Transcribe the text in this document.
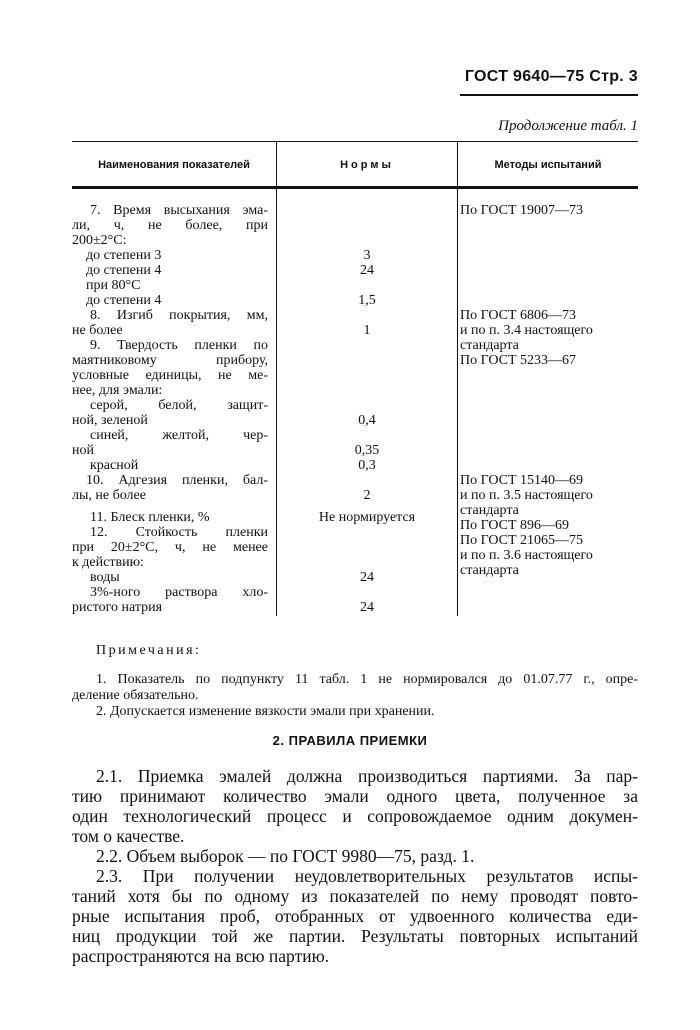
ГОСТ 9640—75 Стр. 3
Продолжение табл. 1
Наименования показателей	Нормы	Методы испытаний
7. Время высыхания эма-
ли, ч, не более, при
200±2°С:
до степени 3
до степени 4
при 80°С
до степени 4
8. Изгиб покрытия, мм,
не более
9. Твердость пленки по
маятниковому прибору,
условные единицы, не ме-
нее, для эмали:
серой, белой, защит-
ной, зеленой
синей, желтой, чер-
ной
красной
10. Адгезия пленки, бал-
лы, не более
11. Блеск пленки, %
12. Стойкость пленки
при 20±2°С, ч, не менее
к действию:
воды
3%-ного раствора хло-
ристого натрия
3
24
1,5
1
0,4
0,35
0,3
2
Не нормируется
24
24
По ГОСТ 19007—73
По ГОСТ 6806—73
и по п. 3.4 настоящего
стандарта
По ГОСТ 5233—67
По ГОСТ 15140—69
и по п. 3.5 настоящего
стандарта
По ГОСТ 896—69
По ГОСТ 21065—75
и по п. 3.6 настоящего
стандарта
Примечания:
1. Показатель по подпункту 11 табл. 1 не нормировался до 01.07.77 г., опре-
деление обязательно.
2. Допускается изменение вязкости эмали при хранении.
2. ПРАВИЛА ПРИЕМКИ
2.1. Приемка эмалей должна производиться партиями. За пар-
тию принимают количество эмали одного цвета, полученное за
один технологический процесс и сопровождаемое одним докумен-
том о качестве.
2.2. Объем выборок — по ГОСТ 9980—75, разд. 1.
2.3. При получении неудовлетворительных результатов испы-
таний хотя бы по одному из показателей по нему проводят повто-
рные испытания проб, отобранных от удвоенного количества еди-
ниц продукции той же партии. Результаты повторных испытаний
распространяются на всю партию.
